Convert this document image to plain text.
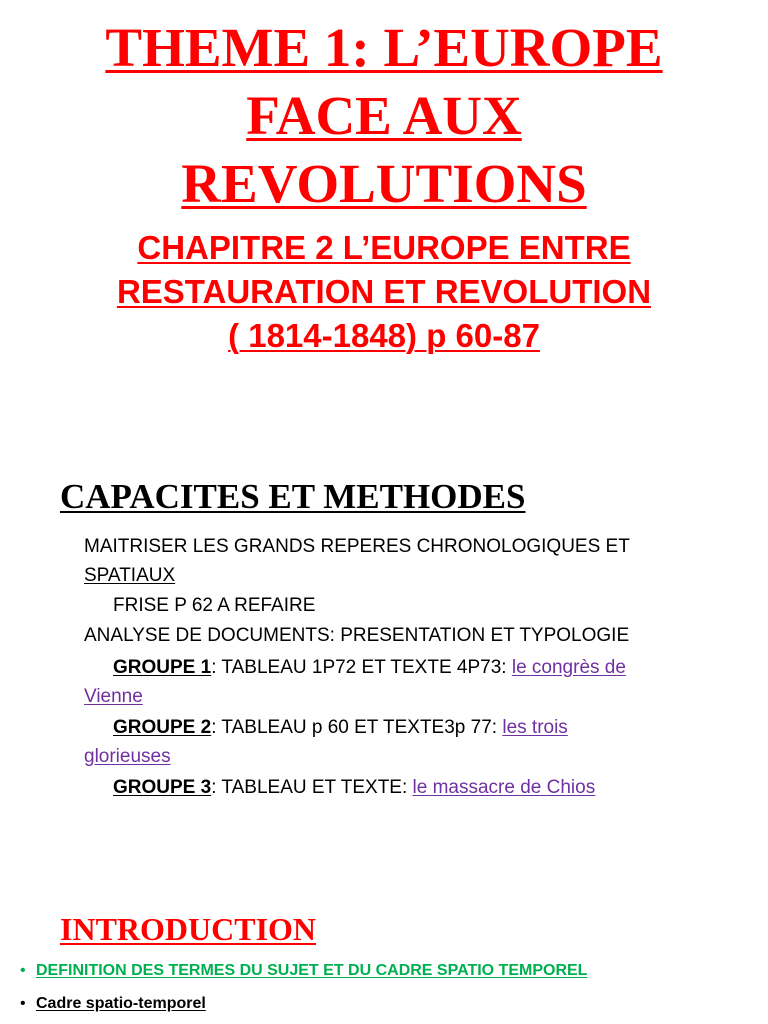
THEME 1: L’EUROPE
FACE AUX
REVOLUTIONS
CHAPITRE 2 L’EUROPE ENTRE
RESTAURATION ET REVOLUTION
( 1814-1848) p 60-87
CAPACITES ET METHODES
MAITRISER LES GRANDS REPERES CHRONOLOGIQUES ET
SPATIAUX
FRISE P 62 A REFAIRE
ANALYSE DE DOCUMENTS: PRESENTATION ET TYPOLOGIE
GROUPE 1: TABLEAU 1P72 ET TEXTE 4P73: le congrès de
Vienne
GROUPE 2: TABLEAU p 60 ET TEXTE3p 77: les trois
glorieuses
GROUPE 3: TABLEAU ET TEXTE: le massacre de Chios
INTRODUCTION
• DEFINITION DES TERMES DU SUJET ET DU CADRE SPATIO TEMPOREL
• Cadre spatio-temporel
